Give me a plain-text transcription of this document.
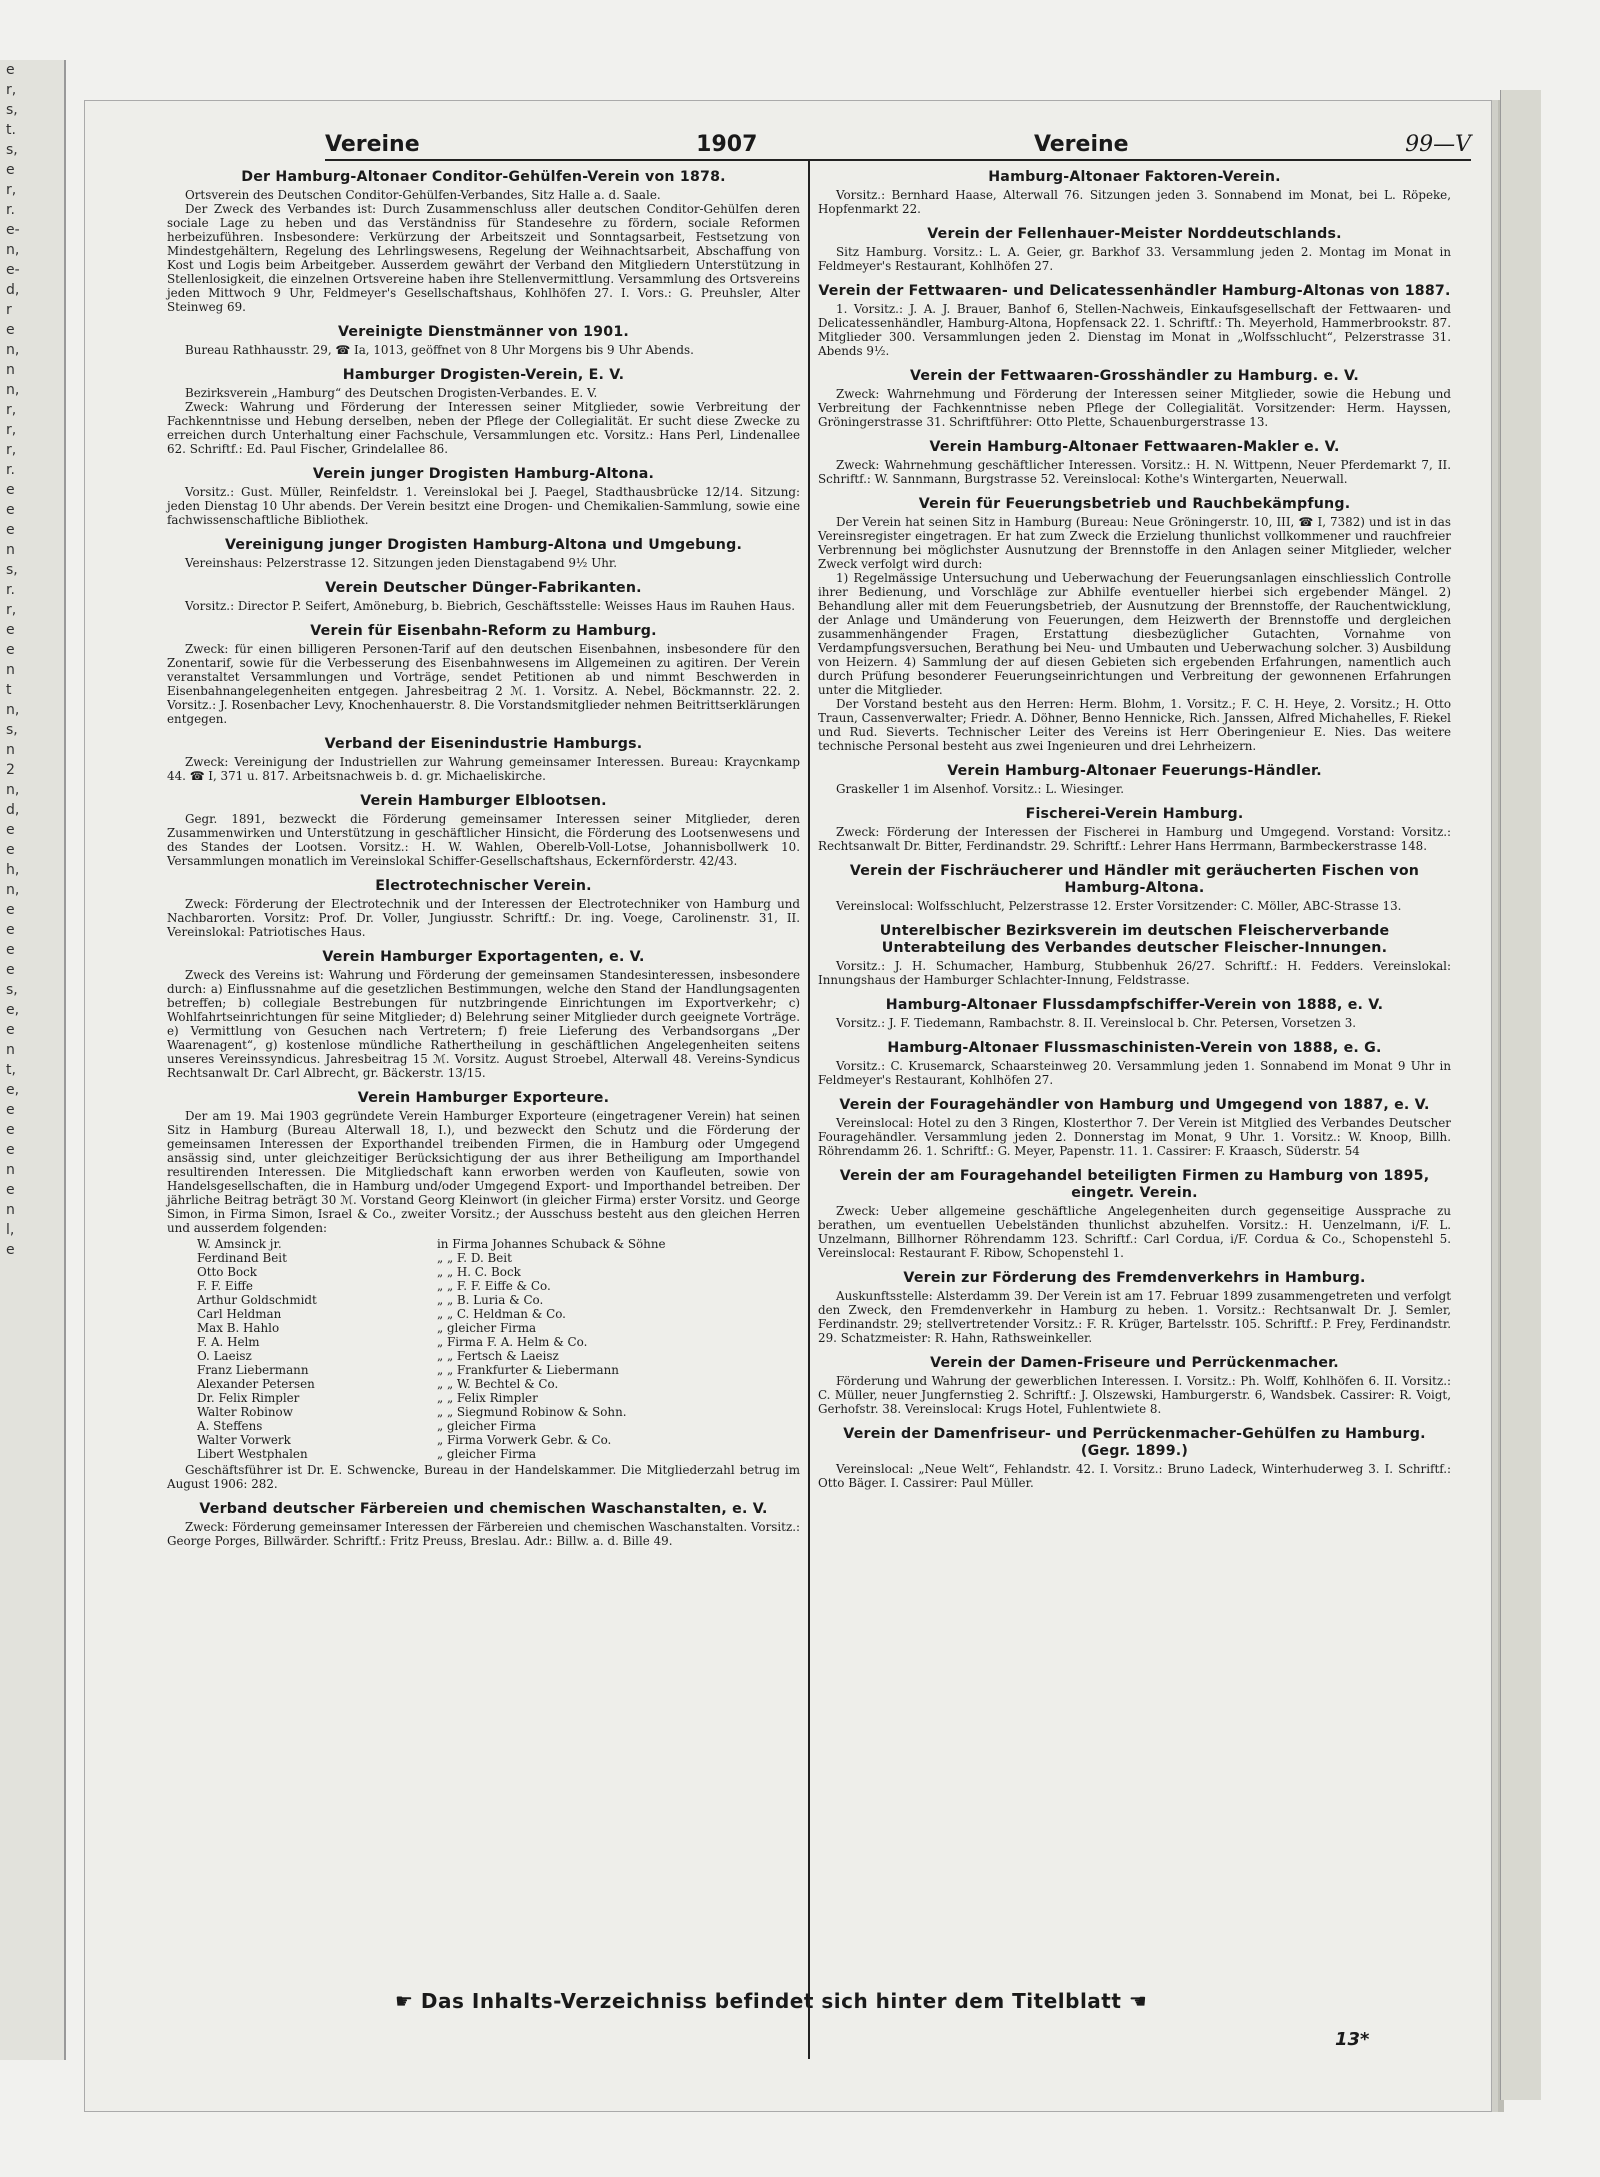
e
r,
s,
t.
s,
e
r,
r.
e-
n,
e-
d,
r
e
n,
n
n,
r,
r,
r,
r.
e
e
e
n
s,
r.
r,
e
e
n
t
n,
s,
n
2
n,
d,
e
e
h,
n,
e
e
e
e
s,
e,
e
n
t,
e,
e
e
e
n
e
n
l,
e
Vereine	1907	Vereine	99—V
Der Hamburg-Altonaer Conditor-Gehülfen-Verein von 1878.

Ortsverein des Deutschen Conditor-Gehülfen-Verbandes, Sitz Halle a. d. Saale.

Der Zweck des Verbandes ist: Durch Zusammenschluss aller deutschen Conditor-Gehülfen deren sociale Lage zu heben und das Verständniss für Standesehre zu fördern, sociale Reformen herbeizuführen. Insbesondere: Verkürzung der Arbeitszeit und Sonntagsarbeit, Festsetzung von Mindestgehältern, Regelung des Lehrlingswesens, Regelung der Weihnachtsarbeit, Abschaffung von Kost und Logis beim Arbeitgeber. Ausserdem gewährt der Verband den Mitgliedern Unterstützung in Stellenlosigkeit, die einzelnen Ortsvereine haben ihre Stellenvermittlung. Versammlung des Ortsvereins jeden Mittwoch 9 Uhr, Feldmeyer's Gesellschaftshaus, Kohlhöfen 27. I. Vors.: G. Preuhsler, Alter Steinweg 69.

Vereinigte Dienstmänner von 1901.

Bureau Rathhausstr. 29, ☎ Ia, 1013, geöffnet von 8 Uhr Morgens bis 9 Uhr Abends.

Hamburger Drogisten-Verein, E. V.

Bezirksverein „Hamburg“ des Deutschen Drogisten-Verbandes. E. V.

Zweck: Wahrung und Förderung der Interessen seiner Mitglieder, sowie Verbreitung der Fachkenntnisse und Hebung derselben, neben der Pflege der Collegialität. Er sucht diese Zwecke zu erreichen durch Unterhaltung einer Fachschule, Versammlungen etc. Vorsitz.: Hans Perl, Lindenallee 62. Schriftf.: Ed. Paul Fischer, Grindelallee 86.

Verein junger Drogisten Hamburg-Altona.

Vorsitz.: Gust. Müller, Reinfeldstr. 1. Vereinslokal bei J. Paegel, Stadthausbrücke 12/14. Sitzung: jeden Dienstag 10 Uhr abends. Der Verein besitzt eine Drogen- und Chemikalien-Sammlung, sowie eine fachwissenschaftliche Bibliothek.

Vereinigung junger Drogisten Hamburg-Altona und Umgebung.

Vereinshaus: Pelzerstrasse 12. Sitzungen jeden Dienstagabend 9½ Uhr.

Verein Deutscher Dünger-Fabrikanten.

Vorsitz.: Director P. Seifert, Amöneburg, b. Biebrich, Geschäftsstelle: Weisses Haus im Rauhen Haus.

Verein für Eisenbahn-Reform zu Hamburg.

Zweck: für einen billigeren Personen-Tarif auf den deutschen Eisenbahnen, insbesondere für den Zonentarif, sowie für die Verbesserung des Eisenbahnwesens im Allgemeinen zu agitiren. Der Verein veranstaltet Versammlungen und Vorträge, sendet Petitionen ab und nimmt Beschwerden in Eisenbahnangelegenheiten entgegen. Jahresbeitrag 2 ℳ. 1. Vorsitz. A. Nebel, Böckmannstr. 22. 2. Vorsitz.: J. Rosenbacher Levy, Knochenhauerstr. 8. Die Vorstandsmitglieder nehmen Beitrittserklärungen entgegen.

Verband der Eisenindustrie Hamburgs.

Zweck: Vereinigung der Industriellen zur Wahrung gemeinsamer Interessen. Bureau: Kraycnkamp 44. ☎ I, 371 u. 817. Arbeitsnachweis b. d. gr. Michaeliskirche.

Verein Hamburger Elblootsen.

Gegr. 1891, bezweckt die Förderung gemeinsamer Interessen seiner Mitglieder, deren Zusammenwirken und Unterstützung in geschäftlicher Hinsicht, die Förderung des Lootsenwesens und des Standes der Lootsen. Vorsitz.: H. W. Wahlen, Oberelb-Voll-Lotse, Johannisbollwerk 10. Versammlungen monatlich im Vereinslokal Schiffer-Gesellschaftshaus, Eckernförderstr. 42/43.

Electrotechnischer Verein.

Zweck: Förderung der Electrotechnik und der Interessen der Electrotechniker von Hamburg und Nachbarorten. Vorsitz: Prof. Dr. Voller, Jungiusstr. Schriftf.: Dr. ing. Voege, Carolinenstr. 31, II. Vereinslokal: Patriotisches Haus.

Verein Hamburger Exportagenten, e. V.

Zweck des Vereins ist: Wahrung und Förderung der gemeinsamen Standesinteressen, insbesondere durch: a) Einflussnahme auf die gesetzlichen Bestimmungen, welche den Stand der Handlungsagenten betreffen; b) collegiale Bestrebungen für nutzbringende Einrichtungen im Exportverkehr; c) Wohlfahrtseinrichtungen für seine Mitglieder; d) Belehrung seiner Mitglieder durch geeignete Vorträge. e) Vermittlung von Gesuchen nach Vertretern; f) freie Lieferung des Verbandsorgans „Der Waarenagent“, g) kostenlose mündliche Rathertheilung in geschäftlichen Angelegenheiten seitens unseres Vereinssyndicus. Jahresbeitrag 15 ℳ. Vorsitz. August Stroebel, Alterwall 48. Vereins-Syndicus Rechtsanwalt Dr. Carl Albrecht, gr. Bäckerstr. 13/15.

Verein Hamburger Exporteure.

Der am 19. Mai 1903 gegründete Verein Hamburger Exporteure (eingetragener Verein) hat seinen Sitz in Hamburg (Bureau Alterwall 18, I.), und bezweckt den Schutz und die Förderung der gemeinsamen Interessen der Exporthandel treibenden Firmen, die in Hamburg oder Umgegend ansässig sind, unter gleichzeitiger Berücksichtigung der aus ihrer Betheiligung am Importhandel resultirenden Interessen. Die Mitgliedschaft kann erworben werden von Kaufleuten, sowie von Handelsgesellschaften, die in Hamburg und/oder Umgegend Export- und Importhandel betreiben. Der jährliche Beitrag beträgt 30 ℳ. Vorstand Georg Kleinwort (in gleicher Firma) erster Vorsitz. und George Simon, in Firma Simon, Israel & Co., zweiter Vorsitz.; der Ausschuss besteht aus den gleichen Herren und ausserdem folgenden:

W. Amsinck jr.	in Firma Johannes Schuback & Söhne
Ferdinand Beit	„ „ F. D. Beit
Otto Bock	„ „ H. C. Bock
F. F. Eiffe	„ „ F. F. Eiffe & Co.
Arthur Goldschmidt	„ „ B. Luria & Co.
Carl Heldman	„ „ C. Heldman & Co.
Max B. Hahlo	„ gleicher Firma
F. A. Helm	„ Firma F. A. Helm & Co.
O. Laeisz	„ „ Fertsch & Laeisz
Franz Liebermann	„ „ Frankfurter & Liebermann
Alexander Petersen	„ „ W. Bechtel & Co.
Dr. Felix Rimpler	„ „ Felix Rimpler
Walter Robinow	„ „ Siegmund Robinow & Sohn.
A. Steffens	„ gleicher Firma
Walter Vorwerk	„ Firma Vorwerk Gebr. & Co.
Libert Westphalen	„ gleicher Firma

Geschäftsführer ist Dr. E. Schwencke, Bureau in der Handelskammer. Die Mitgliederzahl betrug im August 1906: 282.

Verband deutscher Färbereien und chemischen Waschanstalten, e. V.

Zweck: Förderung gemeinsamer Interessen der Färbereien und chemischen Waschanstalten. Vorsitz.: George Porges, Billwärder. Schriftf.: Fritz Preuss, Breslau. Adr.: Billw. a. d. Bille 49.

Hamburg-Altonaer Faktoren-Verein.

Vorsitz.: Bernhard Haase, Alterwall 76. Sitzungen jeden 3. Sonnabend im Monat, bei L. Röpeke, Hopfenmarkt 22.

Verein der Fellenhauer-Meister Norddeutschlands.

Sitz Hamburg. Vorsitz.: L. A. Geier, gr. Barkhof 33. Versammlung jeden 2. Montag im Monat in Feldmeyer's Restaurant, Kohlhöfen 27.

Verein der Fettwaaren- und Delicatessenhändler Hamburg-Altonas von 1887.

1. Vorsitz.: J. A. J. Brauer, Banhof 6, Stellen-Nachweis, Einkaufsgesellschaft der Fettwaaren- und Delicatessenhändler, Hamburg-Altona, Hopfensack 22. 1. Schriftf.: Th. Meyerhold, Hammerbrookstr. 87. Mitglieder 300. Versammlungen jeden 2. Dienstag im Monat in „Wolfsschlucht“, Pelzerstrasse 31. Abends 9½.

Verein der Fettwaaren-Grosshändler zu Hamburg. e. V.

Zweck: Wahrnehmung und Förderung der Interessen seiner Mitglieder, sowie die Hebung und Verbreitung der Fachkenntnisse neben Pflege der Collegialität. Vorsitzender: Herm. Hayssen, Gröningerstrasse 31. Schriftführer: Otto Plette, Schauenburgerstrasse 13.

Verein Hamburg-Altonaer Fettwaaren-Makler e. V.

Zweck: Wahrnehmung geschäftlicher Interessen. Vorsitz.: H. N. Wittpenn, Neuer Pferdemarkt 7, II. Schriftf.: W. Sannmann, Burgstrasse 52. Vereinslocal: Kothe's Wintergarten, Neuerwall.

Verein für Feuerungsbetrieb und Rauchbekämpfung.

Der Verein hat seinen Sitz in Hamburg (Bureau: Neue Gröningerstr. 10, III, ☎ I, 7382) und ist in das Vereinsregister eingetragen. Er hat zum Zweck die Erzielung thunlichst vollkommener und rauchfreier Verbrennung bei möglichster Ausnutzung der Brennstoffe in den Anlagen seiner Mitglieder, welcher Zweck verfolgt wird durch:

1) Regelmässige Untersuchung und Ueberwachung der Feuerungsanlagen einschliesslich Controlle ihrer Bedienung, und Vorschläge zur Abhilfe eventueller hierbei sich ergebender Mängel. 2) Behandlung aller mit dem Feuerungsbetrieb, der Ausnutzung der Brennstoffe, der Rauchentwicklung, der Anlage und Umänderung von Feuerungen, dem Heizwerth der Brennstoffe und dergleichen zusammenhängender Fragen, Erstattung diesbezüglicher Gutachten, Vornahme von Verdampfungsversuchen, Berathung bei Neu- und Umbauten und Ueberwachung solcher. 3) Ausbildung von Heizern. 4) Sammlung der auf diesen Gebieten sich ergebenden Erfahrungen, namentlich auch durch Prüfung besonderer Feuerungseinrichtungen und Verbreitung der gewonnenen Erfahrungen unter die Mitglieder.

Der Vorstand besteht aus den Herren: Herm. Blohm, 1. Vorsitz.; F. C. H. Heye, 2. Vorsitz.; H. Otto Traun, Cassenverwalter; Friedr. A. Döhner, Benno Hennicke, Rich. Janssen, Alfred Michahelles, F. Riekel und Rud. Sieverts. Technischer Leiter des Vereins ist Herr Oberingenieur E. Nies. Das weitere technische Personal besteht aus zwei Ingenieuren und drei Lehrheizern.

Verein Hamburg-Altonaer Feuerungs-Händler.

Graskeller 1 im Alsenhof. Vorsitz.: L. Wiesinger.

Fischerei-Verein Hamburg.

Zweck: Förderung der Interessen der Fischerei in Hamburg und Umgegend. Vorstand: Vorsitz.: Rechtsanwalt Dr. Bitter, Ferdinandstr. 29. Schriftf.: Lehrer Hans Herrmann, Barmbeckerstrasse 148.

Verein der Fischräucherer und Händler mit geräucherten Fischen von Hamburg-Altona.

Vereinslocal: Wolfsschlucht, Pelzerstrasse 12. Erster Vorsitzender: C. Möller, ABC-Strasse 13.

Unterelbischer Bezirksverein im deutschen Fleischerverbande Unterabteilung des Verbandes deutscher Fleischer-Innungen.

Vorsitz.: J. H. Schumacher, Hamburg, Stubbenhuk 26/27. Schriftf.: H. Fedders. Vereinslokal: Innungshaus der Hamburger Schlachter-Innung, Feldstrasse.

Hamburg-Altonaer Flussdampfschiffer-Verein von 1888, e. V.

Vorsitz.: J. F. Tiedemann, Rambachstr. 8. II. Vereinslocal b. Chr. Petersen, Vorsetzen 3.

Hamburg-Altonaer Flussmaschinisten-Verein von 1888, e. G.

Vorsitz.: C. Krusemarck, Schaarsteinweg 20. Versammlung jeden 1. Sonnabend im Monat 9 Uhr in Feldmeyer's Restaurant, Kohlhöfen 27.

Verein der Fouragehändler von Hamburg und Umgegend von 1887, e. V.

Vereinslocal: Hotel zu den 3 Ringen, Klosterthor 7. Der Verein ist Mitglied des Verbandes Deutscher Fouragehändler. Versammlung jeden 2. Donnerstag im Monat, 9 Uhr. 1. Vorsitz.: W. Knoop, Billh. Röhrendamm 26. 1. Schriftf.: G. Meyer, Papenstr. 11. 1. Cassirer: F. Kraasch, Süderstr. 54

Verein der am Fouragehandel beteiligten Firmen zu Hamburg von 1895, eingetr. Verein.

Zweck: Ueber allgemeine geschäftliche Angelegenheiten durch gegenseitige Aussprache zu berathen, um eventuellen Uebelständen thunlichst abzuhelfen. Vorsitz.: H. Uenzelmann, i/F. L. Unzelmann, Billhorner Röhrendamm 123. Schriftf.: Carl Cordua, i/F. Cordua & Co., Schopenstehl 5. Vereinslocal: Restaurant F. Ribow, Schopenstehl 1.

Verein zur Förderung des Fremdenverkehrs in Hamburg.

Auskunftsstelle: Alsterdamm 39. Der Verein ist am 17. Februar 1899 zusammengetreten und verfolgt den Zweck, den Fremdenverkehr in Hamburg zu heben. 1. Vorsitz.: Rechtsanwalt Dr. J. Semler, Ferdinandstr. 29; stellvertretender Vorsitz.: F. R. Krüger, Bartelsstr. 105. Schriftf.: P. Frey, Ferdinandstr. 29. Schatzmeister: R. Hahn, Rathsweinkeller.

Verein der Damen-Friseure und Perrückenmacher.

Förderung und Wahrung der gewerblichen Interessen. I. Vorsitz.: Ph. Wolff, Kohlhöfen 6. II. Vorsitz.: C. Müller, neuer Jungfernstieg 2. Schriftf.: J. Olszewski, Hamburgerstr. 6, Wandsbek. Cassirer: R. Voigt, Gerhofstr. 38. Vereinslocal: Krugs Hotel, Fuhlentwiete 8.

Verein der Damenfriseur- und Perrückenmacher-Gehülfen zu Hamburg. (Gegr. 1899.)

Vereinslocal: „Neue Welt“, Fehlandstr. 42. I. Vorsitz.: Bruno Ladeck, Winterhuderweg 3. I. Schriftf.: Otto Bäger. I. Cassirer: Paul Müller.

☛ Das Inhalts-Verzeichniss befindet sich hinter dem Titelblatt ☚
13*
